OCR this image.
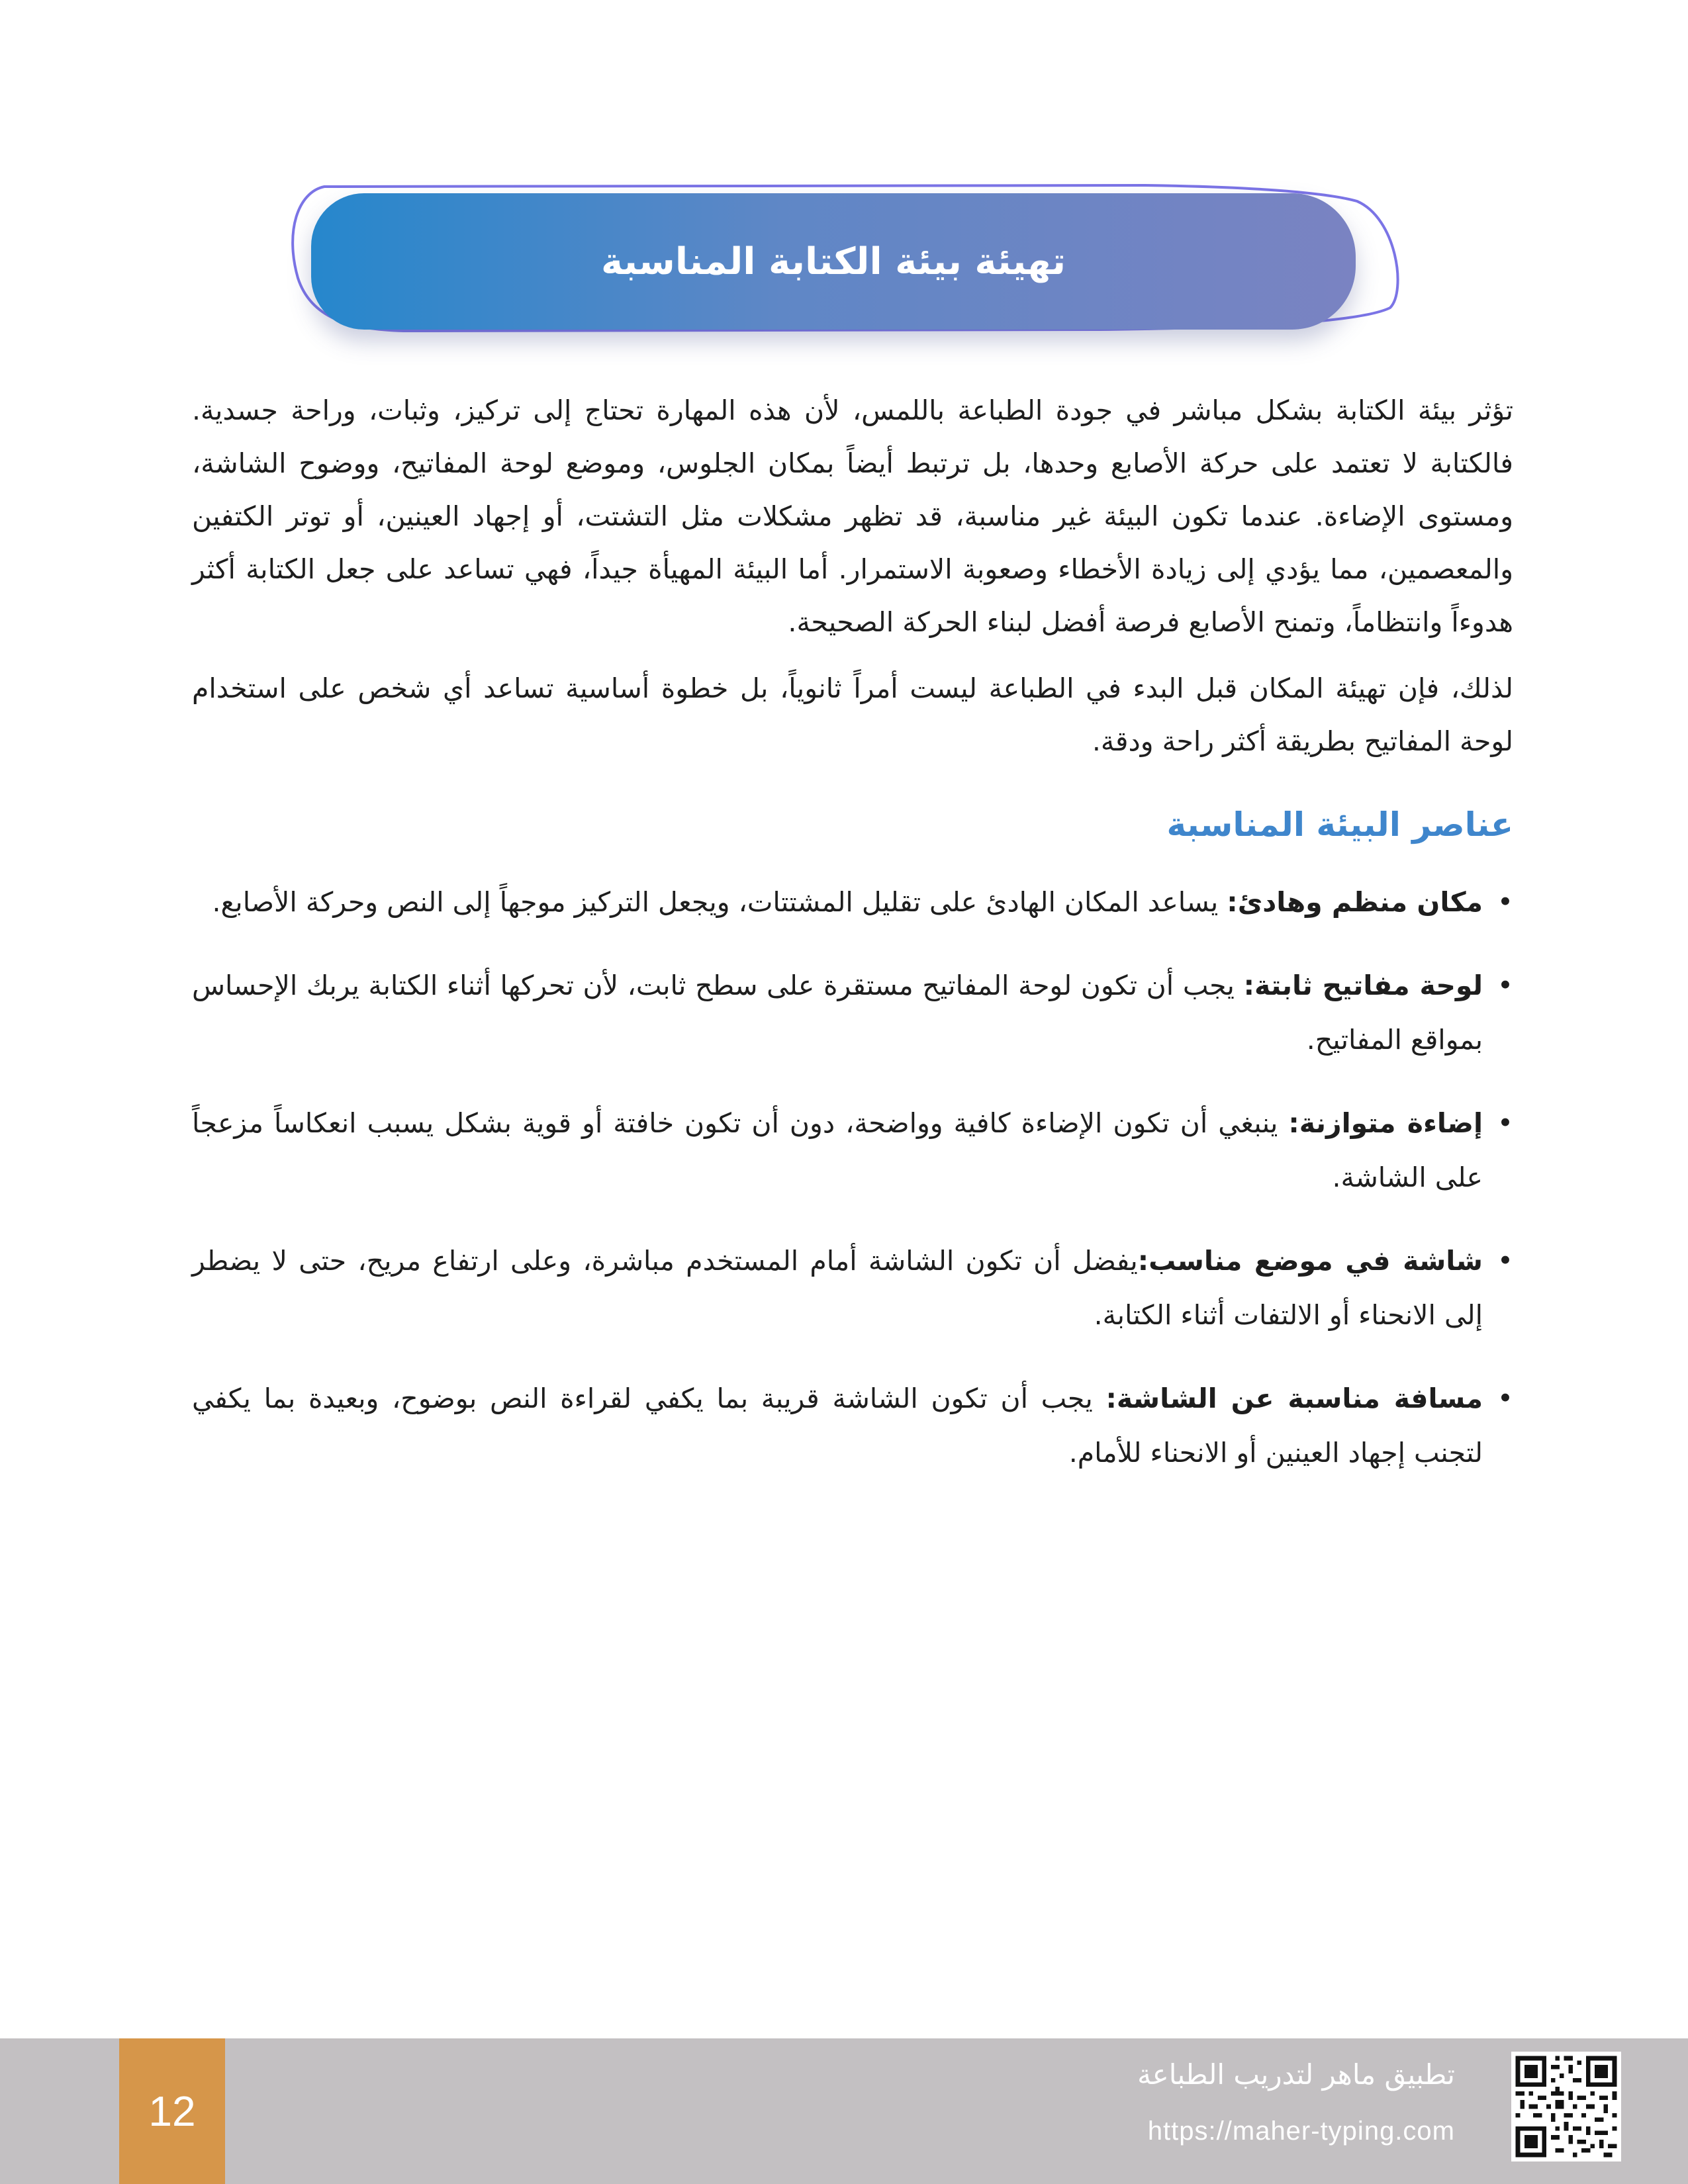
تهيئة بيئة الكتابة المناسبة

تؤثر بيئة الكتابة بشكل مباشر في جودة الطباعة باللمس، لأن هذه المهارة تحتاج إلى تركيز، وثبات، وراحة جسدية. فالكتابة لا تعتمد على حركة الأصابع وحدها، بل ترتبط أيضاً بمكان الجلوس، وموضع لوحة المفاتيح، ووضوح الشاشة، ومستوى الإضاءة. عندما تكون البيئة غير مناسبة، قد تظهر مشكلات مثل التشتت، أو إجهاد العينين، أو توتر الكتفين والمعصمين، مما يؤدي إلى زيادة الأخطاء وصعوبة الاستمرار. أما البيئة المهيأة جيداً، فهي تساعد على جعل الكتابة أكثر هدوءاً وانتظاماً، وتمنح الأصابع فرصة أفضل لبناء الحركة الصحيحة.

لذلك، فإن تهيئة المكان قبل البدء في الطباعة ليست أمراً ثانوياً، بل خطوة أساسية تساعد أي شخص على استخدام لوحة المفاتيح بطريقة أكثر راحة ودقة.

عناصر البيئة المناسبة
•
مكان منظم وهادئ: يساعد المكان الهادئ على تقليل المشتتات، ويجعل التركيز موجهاً إلى النص وحركة الأصابع.
•
لوحة مفاتيح ثابتة: يجب أن تكون لوحة المفاتيح مستقرة على سطح ثابت، لأن تحركها أثناء الكتابة يربك الإحساس بمواقع المفاتيح.
•
إضاءة متوازنة: ينبغي أن تكون الإضاءة كافية وواضحة، دون أن تكون خافتة أو قوية بشكل يسبب انعكاساً مزعجاً على الشاشة.
•
شاشة في موضع مناسب:يفضل أن تكون الشاشة أمام المستخدم مباشرة، وعلى ارتفاع مريح، حتى لا يضطر إلى الانحناء أو الالتفات أثناء الكتابة.
•
مسافة مناسبة عن الشاشة: يجب أن تكون الشاشة قريبة بما يكفي لقراءة النص بوضوح، وبعيدة بما يكفي لتجنب إجهاد العينين أو الانحناء للأمام.
12
تطبيق ماهر لتدريب الطباعة
https://maher-typing.com
